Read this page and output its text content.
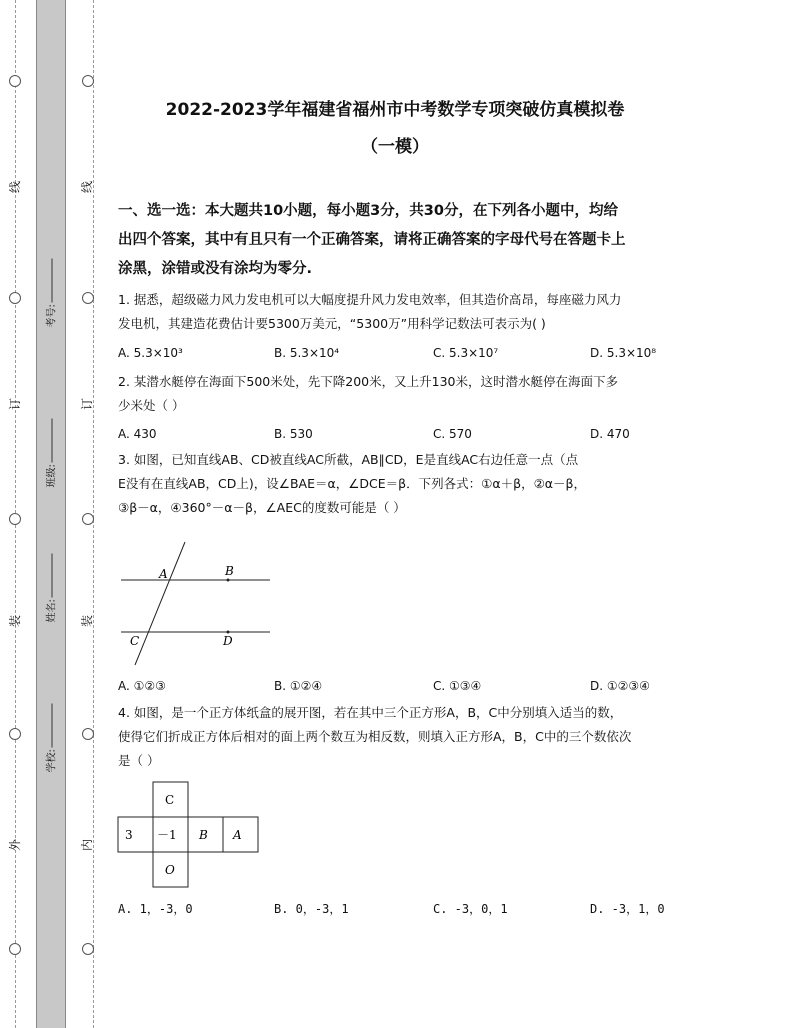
线
订
装
外
线
订
装
内
考号:
班级:
姓名:
学校:
2022-2023学年福建省福州市中考数学专项突破仿真模拟卷
（一模）
一、选一选：本大题共10小题，每小题3分，共30分，在下列各小题中，均给
出四个答案，其中有且只有一个正确答案，请将正确答案的字母代号在答题卡上
涂黑，涂错或没有涂均为零分.
1. 据悉，超级磁力风力发电机可以大幅度提升风力发电效率，但其造价高昂，每座磁力风力
发电机，其建造花费估计要5300万美元，“5300万”用科学记数法可表示为( )
A. 5.3×10³	B. 5.3×10⁴	C. 5.3×10⁷	D. 5.3×10⁸
2. 某潜水艇停在海面下500米处，先下降200米，又上升130米，这时潜水艇停在海面下多
少米处（ ）
A. 430	B. 530	C. 570	D. 470
3. 如图，已知直线AB、CD被直线AC所截，AB∥CD，E是直线AC右边任意一点（点
E没有在直线AB，CD上)，设∠BAE＝α，∠DCE＝β．下列各式：①α＋β，②α－β，
③β－α，④360°－α－β，∠AEC的度数可能是（ ）
A	B
C	D
A. ①②③	B. ①②④	C. ①③④	D. ①②③④
4. 如图，是一个正方体纸盒的展开图，若在其中三个正方形A，B，C中分别填入适当的数，
使得它们折成正方体后相对的面上两个数互为相反数，则填入正方形A，B，C中的三个数依次
是（ ）
C
3 －1 B A
O
A. 1，-3，0	B. 0，-3，1	C. -3，0，1	D. -3，1，0
